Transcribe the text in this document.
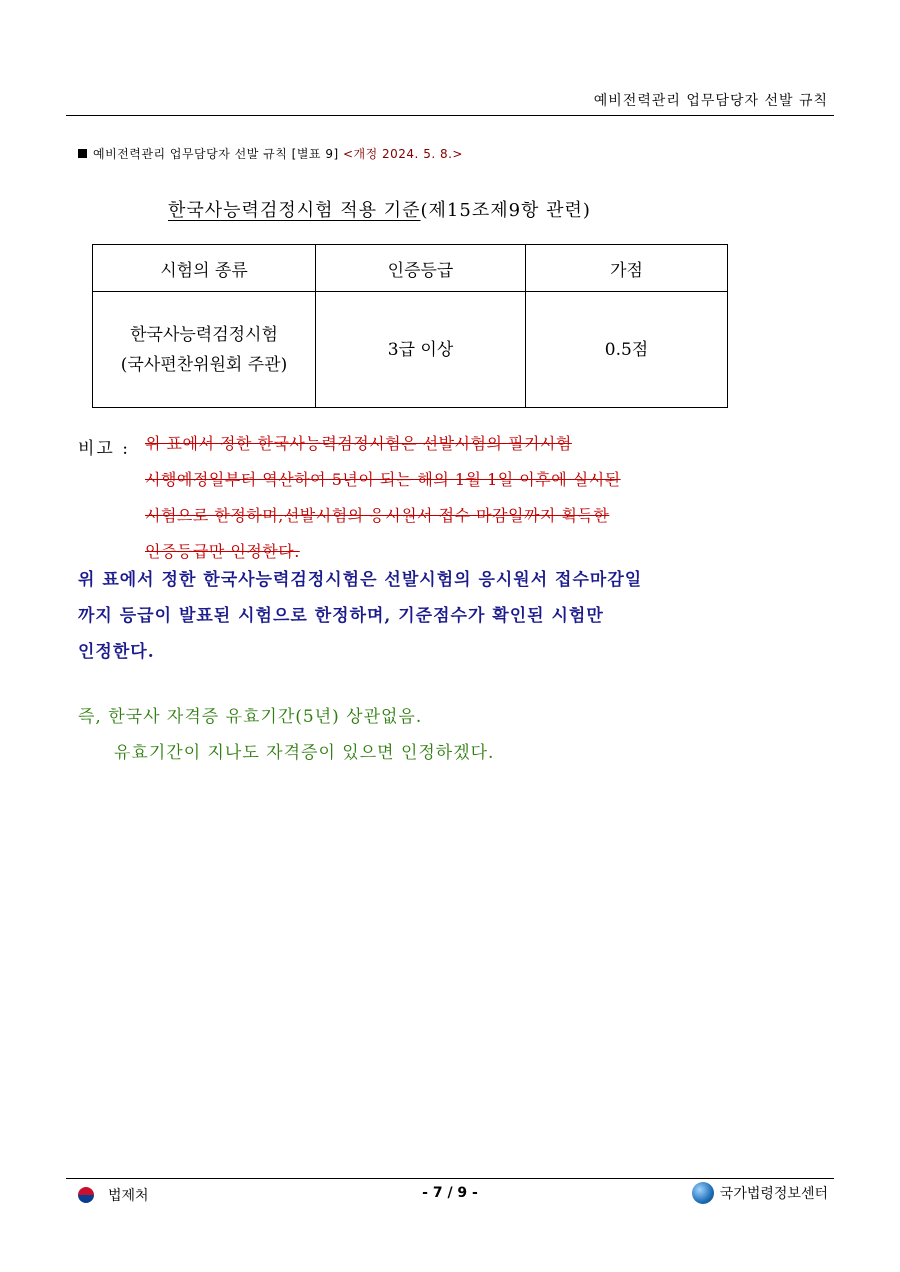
예비전력관리 업무담당자 선발 규칙
예비전력관리 업무담당자 선발 규칙 [별표 9] <개정 2024. 5. 8.>
한국사능력검정시험 적용 기준(제15조제9항 관련)
시험의 종류	인증등급	가점

한국사능력검정시험
(국사편찬위원회 주관)	3급 이상	0.5점
비고 : 위 표에서 정한 한국사능력검정시험은 선발시험의 필기시험
시행예정일부터 역산하여 5년이 되는 해의 1월 1일 이후에 실시된
시험으로 한정하며,선발시험의 응시원서 접수 마감일까지 획득한
인증등급만 인정한다.
위 표에서 정한 한국사능력검정시험은 선발시험의 응시원서 접수마감일
까지 등급이 발표된 시험으로 한정하며, 기준점수가 확인된 시험만
인정한다.
즉, 한국사 자격증 유효기간(5년) 상관없음.
유효기간이 지나도 자격증이 있으면 인정하겠다.
법제처	- 7 / 9 -	국가법령정보센터
